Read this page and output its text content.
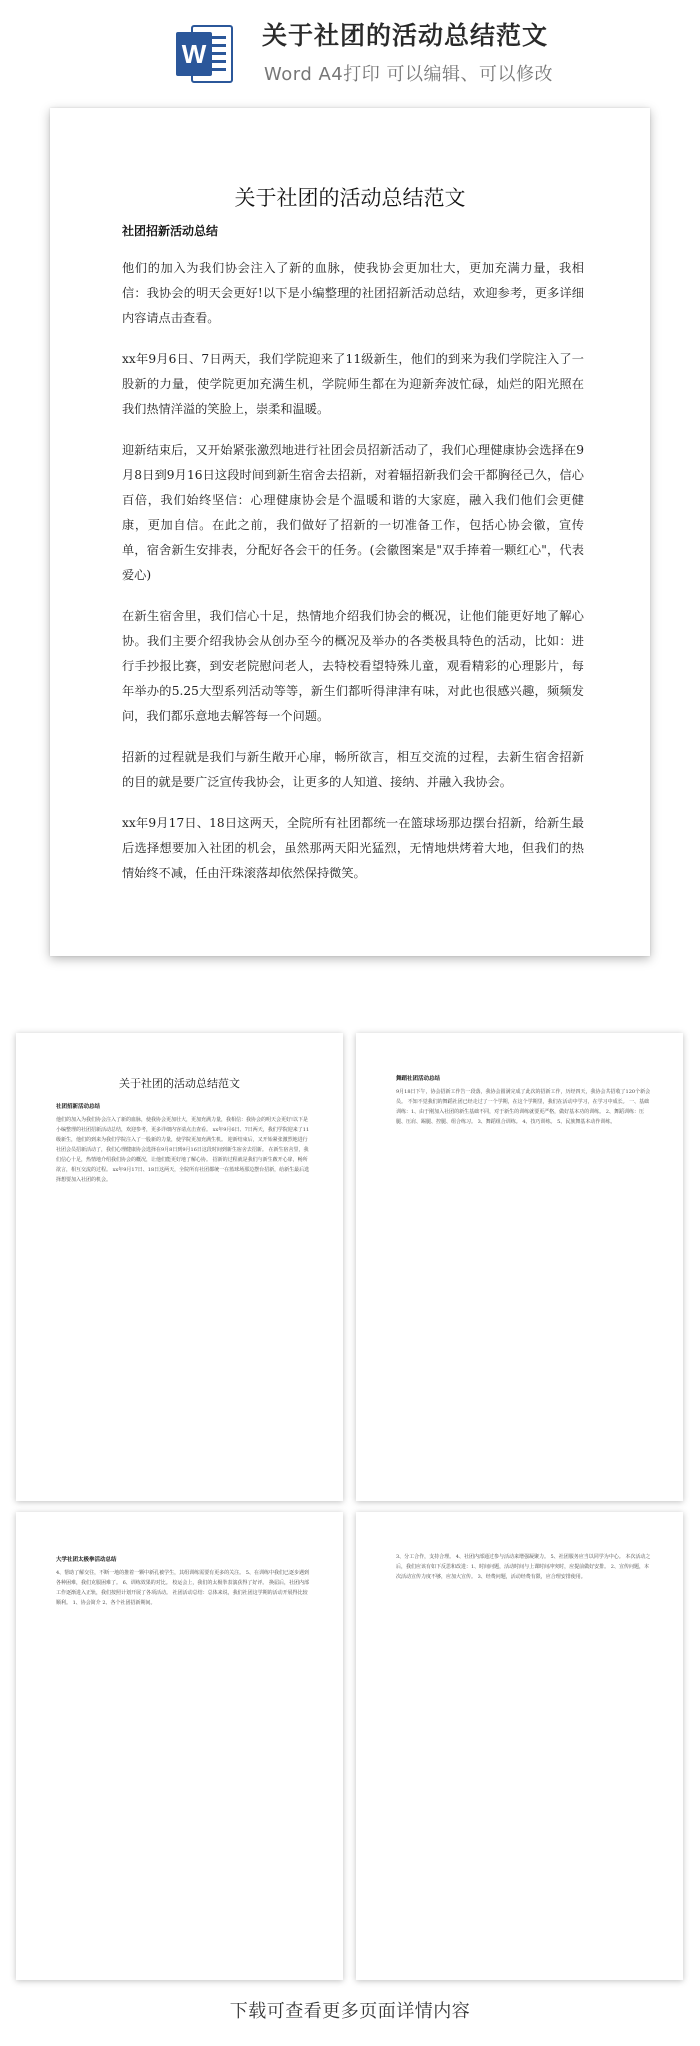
W
关于社团的活动总结范文
Word A4打印 可以编辑、可以修改
关于社团的活动总结范文
社团招新活动总结

他们的加入为我们协会注入了新的血脉，使我协会更加壮大，更加充满力量，我相信：我协会的明天会更好!以下是小编整理的社团招新活动总结，欢迎参考，更多详细内容请点击查看。

xx年9月6日、7日两天，我们学院迎来了11级新生，他们的到来为我们学院注入了一股新的力量，使学院更加充满生机，学院师生都在为迎新奔波忙碌，灿烂的阳光照在我们热情洋溢的笑脸上，崇柔和温暖。

迎新结束后，又开始紧张激烈地进行社团会员招新活动了，我们心理健康协会选择在9月8日到9月16日这段时间到新生宿舍去招新，对着辐招新我们会干都胸径己久，信心百倍，我们始终坚信：心理健康协会是个温暖和谐的大家庭，融入我们他们会更健康，更加自信。在此之前，我们做好了招新的一切准备工作，包括心协会徽，宣传单，宿舍新生安排表，分配好各会干的任务。(会徽图案是"双手捧着一颗红心"，代表爱心)

在新生宿舍里，我们信心十足，热情地介绍我们协会的概况，让他们能更好地了解心协。我们主要介绍我协会从创办至今的概况及举办的各类极具特色的活动，比如：进行手抄报比赛，到安老院慰问老人，去特校看望特殊儿童，观看精彩的心理影片，每年举办的5.25大型系列活动等等，新生们都听得津津有味，对此也很感兴趣，频频发问，我们都乐意地去解答每一个问题。

招新的过程就是我们与新生敞开心扉，畅所欲言，相互交流的过程，去新生宿舍招新的目的就是要广泛宣传我协会，让更多的人知道、接纳、并融入我协会。

xx年9月17日、18日这两天，全院所有社团都统一在篮球场那边摆台招新，给新生最后选择想要加入社团的机会，虽然那两天阳光猛烈，无情地烘烤着大地，但我们的热情始终不减，任由汗珠滚落却依然保持微笑。

关于社团的活动总结范文
社团招新活动总结
他们的加入为我们协会注入了新的血脉，使我协会更加壮大，更加充满力量，我相信：我协会的明天会更好!以下是小编整理的社团招新活动总结，欢迎参考，更多详细内容请点击查看。 xx年9月6日、7日两天，我们学院迎来了11级新生，他们的到来为我们学院注入了一股新的力量，使学院更加充满生机。 迎新结束后，又开始紧张激烈地进行社团会员招新活动了，我们心理健康协会选择在9月8日到9月16日这段时间到新生宿舍去招新。 在新生宿舍里，我们信心十足，热情地介绍我们协会的概况，让他们能更好地了解心协。 招新的过程就是我们与新生敞开心扉，畅所欲言，相互交流的过程。 xx年9月17日、18日这两天，全院所有社团都统一在篮球场那边摆台招新，给新生最后选择想要加入社团的机会。
舞蹈社团活动总结
9月18日下午，协会招新工作告一段落，我协会圆满完成了此次的招新工作，历经四天，我协会共招收了120个新会员。 不知不觉我们的舞蹈社团已经走过了一个学期，在这个学期里，我们在活动中学习，在学习中成长。 一、基础训练：1、由于刚加入社团的新生基础不同，对于新生的训练就要更严格，做好基本功的训练。 2、舞蹈训练：压腿、压肩、踢腿、控腿、组合练习。 3、舞蹈组合训练。 4、技巧训练。 5、民族舞基本动作训练。
大学社团太极拳活动总结
4、帮助了解交往，不断一地的推着一颗中新孔被学生，其组训练需要有更多的关注。 5、在训练中我们已逐步遇到各种困难，我们克服困难了。 6、训练效果的对比。 校运会上，我们的太极拳表演获得了好评。 换届后，社团内部工作逐渐进入正轨，我们按照计划开展了各项活动。 社团活动总结：总体来说，我们社团这学期的活动开展得比较顺利。 1、协会简介 2、各个社团招新期间。
3、分工合作，支持合理。 4、社团内部通过参与活动来增强凝聚力。 5、社团服务应当以同学为中心。 本次活动之后，我们应该有如下反思和改进：1、时间问题，活动时间与上课时间冲突时，应提前做好安排。 2、宣传问题，本次活动宣传力度不够，应加大宣传。 3、经费问题，活动经费有限，应合理安排使用。
下载可查看更多页面详情内容
